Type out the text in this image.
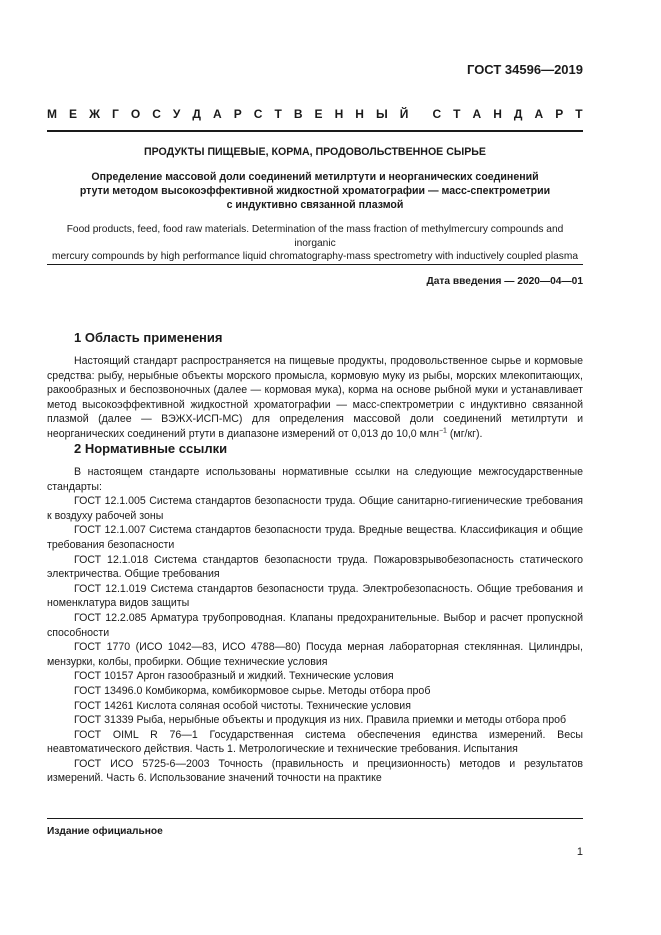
ГОСТ 34596—2019
М Е Ж Г О С У Д А Р С Т В Е Н Н Ы Й С Т А Н Д А Р Т
ПРОДУКТЫ ПИЩЕВЫЕ, КОРМА, ПРОДОВОЛЬСТВЕННОЕ СЫРЬЕ
Определение массовой доли соединений метилртути и неорганических соединений
ртути методом высокоэффективной жидкостной хроматографии — масс-спектрометрии
с индуктивно связанной плазмой
Food products, feed, food raw materials. Determination of the mass fraction of methylmercury compounds and inorganic
mercury compounds by high performance liquid chromatography-mass spectrometry with inductively coupled plasma
Дата введения — 2020—04—01
1 Область применения

Настоящий стандарт распространяется на пищевые продукты, продовольственное сырье и кормовые средства: рыбу, нерыбные объекты морского промысла, кормовую муку из рыбы, морских млекопитающих, ракообразных и беспозвоночных (далее — кормовая мука), корма на основе рыбной муки и устанавливает метод высокоэффективной жидкостной хроматографии — масс-спектрометрии с индуктивно связанной плазмой (далее — ВЭЖХ-ИСП-МС) для определения массовой доли соединений метилртути и неорганических соединений ртути в диапазоне измерений от 0,013 до 10,0 млн$^{-1}$ (мг/кг).

2 Нормативные ссылки

В настоящем стандарте использованы нормативные ссылки на следующие межгосударственные стандарты:

ГОСТ 12.1.005 Система стандартов безопасности труда. Общие санитарно-гигиенические требования к воздуху рабочей зоны

ГОСТ 12.1.007 Система стандартов безопасности труда. Вредные вещества. Классификация и общие требования безопасности

ГОСТ 12.1.018 Система стандартов безопасности труда. Пожаровзрывобезопасность статического электричества. Общие требования

ГОСТ 12.1.019 Система стандартов безопасности труда. Электробезопасность. Общие требования и номенклатура видов защиты

ГОСТ 12.2.085 Арматура трубопроводная. Клапаны предохранительные. Выбор и расчет пропускной способности

ГОСТ 1770 (ИСО 1042—83, ИСО 4788—80) Посуда мерная лабораторная стеклянная. Цилиндры, мензурки, колбы, пробирки. Общие технические условия

ГОСТ 10157 Аргон газообразный и жидкий. Технические условия

ГОСТ 13496.0 Комбикорма, комбикормовое сырье. Методы отбора проб

ГОСТ 14261 Кислота соляная особой чистоты. Технические условия

ГОСТ 31339 Рыба, нерыбные объекты и продукция из них. Правила приемки и методы отбора проб

ГОСТ OIML R 76—1 Государственная система обеспечения единства измерений. Весы неавтоматического действия. Часть 1. Метрологические и технические требования. Испытания

ГОСТ ИСО 5725-6—2003 Точность (правильность и прецизионность) методов и результатов измерений. Часть 6. Использование значений точности на практике

Издание официальное
1
